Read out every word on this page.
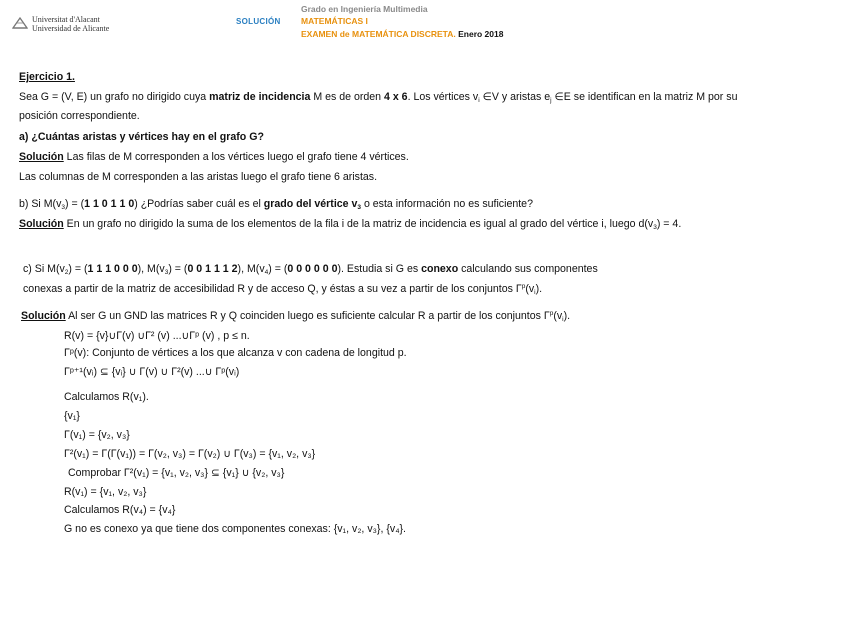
Universitat d'Alacant
Universidad de Alicante
SOLUCIÓN
Grado en Ingeniería Multimedia
MATEMÁTICAS I
EXAMEN de MATEMÁTICA DISCRETA. Enero 2018
Ejercicio 1.
Sea G = (V, E) un grafo no dirigido cuya matriz de incidencia M es de orden 4 x 6. Los vértices $v_i$ ∈V y aristas $e_j$ ∈E se identifican en la matriz M por su
posición correspondiente.
a) ¿Cuántas aristas y vértices hay en el grafo G?
Solución Las filas de M corresponden a los vértices luego el grafo tiene 4 vértices.
Las columnas de M corresponden a las aristas luego el grafo tiene 6 aristas.
b) Si $M(v_3) = (1$ 1 0 1 1 0) ¿Podrías saber cuál es el grado del vértice $v_3$ o esta información no es suficiente?
Solución En un grafo no dirigido la suma de los elementos de la fila i de la matriz de incidencia es igual al grado del vértice i, luego $d(v_3) = 4$.
c) Si $M(v_2) = (1$ 1 1 0 0 0), $M(v_3) = (0$ 0 1 1 1 2), $M(v_4) = (0$ 0 0 0 0 0). Estudia si G es conexo calculando sus componentes
conexas a partir de la matriz de accesibilidad R y de acceso Q, y éstas a su vez a partir de los conjuntos $\Gamma^p(v_i)$.
Solución Al ser G un GND las matrices R y Q coinciden luego es suficiente calcular R a partir de los conjuntos $\Gamma^p(v_i)$.
R(v) = {v}∪Γ(v) ∪Γ² (v) ...∪Γᵖ (v) , p ≤ n.
Γᵖ(v): Conjunto de vértices a los que alcanza v con cadena de longitud p.
Γᵖ⁺¹(vᵢ) ⊆ {vᵢ} ∪ Γ(v) ∪ Γ²(v) ...∪ Γᵖ(vᵢ)
Calculamos R(v₁).
{v₁}
Γ(v₁) = {v₂, v₃}
Γ²(v₁) = Γ(Γ(v₁)) = Γ(v₂, v₃) = Γ(v₂) ∪ Γ(v₃) = {v₁, v₂, v₃}
Comprobar Γ²(v₁) = {v₁, v₂, v₃} ⊆ {v₁} ∪ {v₂, v₃}
R(v₁) = {v₁, v₂, v₃}
Calculamos R(v₄) = {v₄}
G no es conexo ya que tiene dos componentes conexas: {v₁, v₂, v₃}, {v₄}.
